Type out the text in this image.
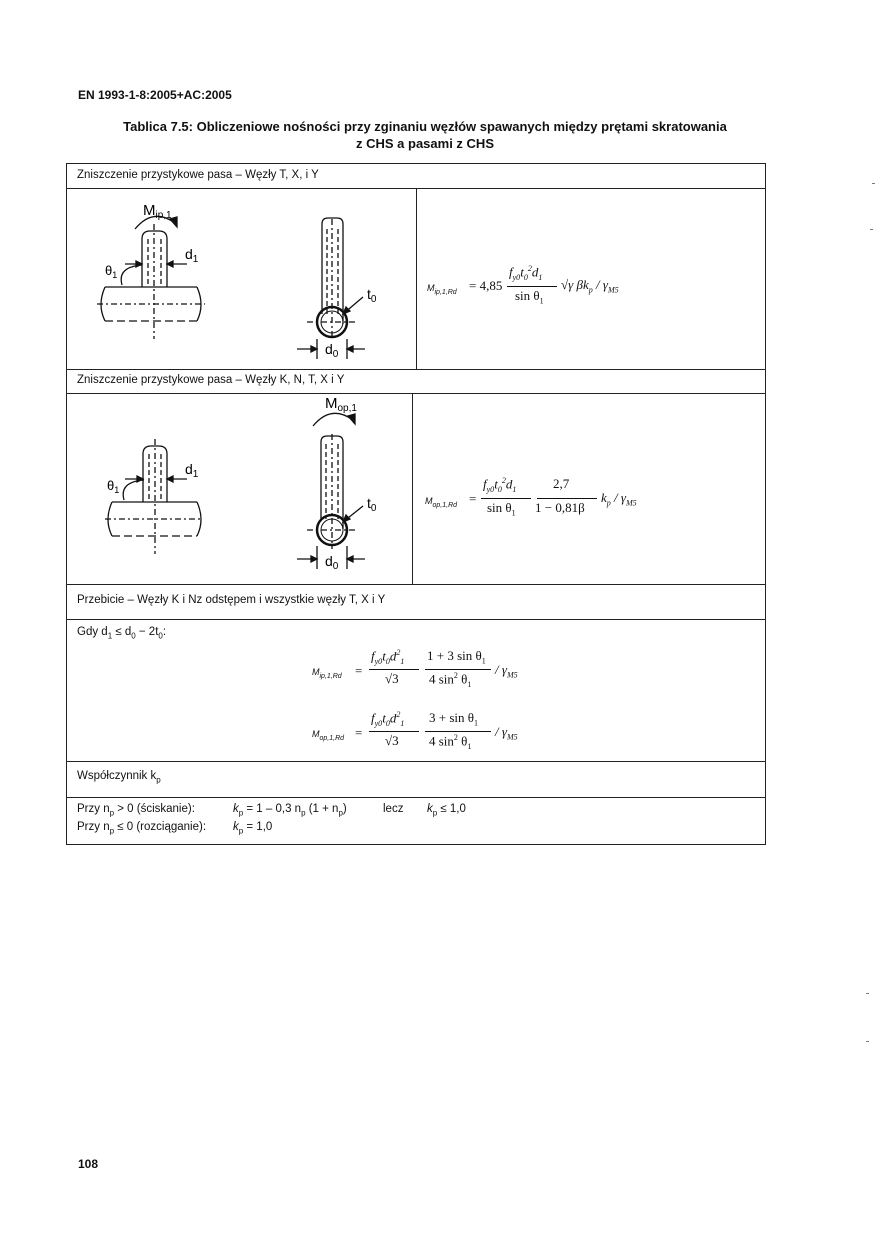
EN 1993-1-8:2005+AC:2005
Tablica 7.5: Obliczeniowe nośności przy zginaniu węzłów spawanych między prętami skratowania
z CHS a pasami z CHS
Zniszczenie przystykowe pasa – Węzły T, X, i Y
Zniszczenie przystykowe pasa – Węzły K, N, T, X i Y
Przebicie – Węzły K i Nz odstępem i wszystkie węzły T, X i Y
Współczynnik $k_p$
$M_{ip,1}$
$d_1$
$\theta_1$
$t_0$
$d_0$
$M_{ip,1,Rd} = 4,85$
$f_{y0}t_0^2d_1$
$\sin \theta_1$
√γ $\beta k_p / \gamma_{M5}$
$M_{op,1}$
$d_1$
$\theta_1$
$t_0$
$d_0$
$M_{op,1,Rd}$ =
$f_{y0}t_0^2d_1$
$\sin \theta_1$
2,7
1 − 0,81β
$k_p / \gamma_{M5}$
Gdy $d_1 \le d_0 - 2t_0$:
$M_{ip,1,Rd}$ =
$f_{y0}t_0d^2_1$
√3
1 + 3 $\sin \theta_1$
4 $\sin^2 \theta_1$
/ $\gamma_{M5}$
$M_{op,1,Rd}$ =
$f_{y0}t_0d^2_1$
√3
$3 + \sin \theta_1$
4 $\sin^2 \theta_1$
/ $\gamma_{M5}$
Przy $n_p > 0$ (ściskanie):	$k_p = 1 - 0,3$ $n_p$ $(1 + n_p)$	lecz $k_p \le 1,0$
Przy $n_p \le 0$ (rozciąganie): $k_p = 1,0$
108
